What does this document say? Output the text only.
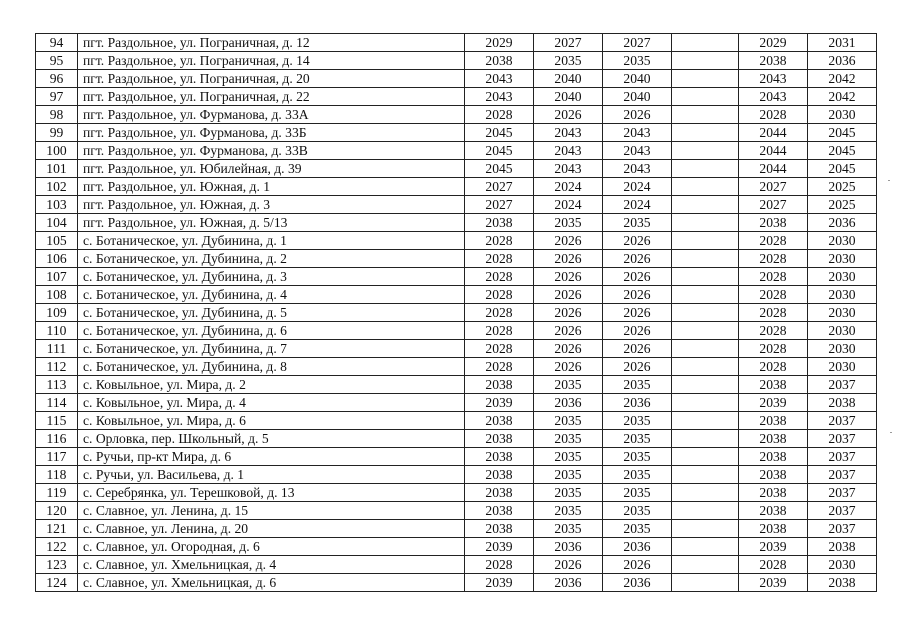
94	пгт. Раздольное, ул. Пограничная, д. 12	2029	2027	2027		2029	2031
95	пгт. Раздольное, ул. Пограничная, д. 14	2038	2035	2035		2038	2036
96	пгт. Раздольное, ул. Пограничная, д. 20	2043	2040	2040		2043	2042
97	пгт. Раздольное, ул. Пограничная, д. 22	2043	2040	2040		2043	2042
98	пгт. Раздольное, ул. Фурманова, д. 33А	2028	2026	2026		2028	2030
99	пгт. Раздольное, ул. Фурманова, д. 33Б	2045	2043	2043		2044	2045
100	пгт. Раздольное, ул. Фурманова, д. 33В	2045	2043	2043		2044	2045
101	пгт. Раздольное, ул. Юбилейная, д. 39	2045	2043	2043		2044	2045
102	пгт. Раздольное, ул. Южная, д. 1	2027	2024	2024		2027	2025
103	пгт. Раздольное, ул. Южная, д. 3	2027	2024	2024		2027	2025
104	пгт. Раздольное, ул. Южная, д. 5/13	2038	2035	2035		2038	2036
105	с. Ботаническое, ул. Дубинина, д. 1	2028	2026	2026		2028	2030
106	с. Ботаническое, ул. Дубинина, д. 2	2028	2026	2026		2028	2030
107	с. Ботаническое, ул. Дубинина, д. 3	2028	2026	2026		2028	2030
108	с. Ботаническое, ул. Дубинина, д. 4	2028	2026	2026		2028	2030
109	с. Ботаническое, ул. Дубинина, д. 5	2028	2026	2026		2028	2030
110	с. Ботаническое, ул. Дубинина, д. 6	2028	2026	2026		2028	2030
111	с. Ботаническое, ул. Дубинина, д. 7	2028	2026	2026		2028	2030
112	с. Ботаническое, ул. Дубинина, д. 8	2028	2026	2026		2028	2030
113	с. Ковыльное, ул. Мира, д. 2	2038	2035	2035		2038	2037
114	с. Ковыльное, ул. Мира, д. 4	2039	2036	2036		2039	2038
115	с. Ковыльное, ул. Мира, д. 6	2038	2035	2035		2038	2037
116	с. Орловка, пер. Школьный, д. 5	2038	2035	2035		2038	2037
117	с. Ручьи, пр-кт Мира, д. 6	2038	2035	2035		2038	2037
118	с. Ручьи, ул. Васильева, д. 1	2038	2035	2035		2038	2037
119	с. Серебрянка, ул. Терешковой, д. 13	2038	2035	2035		2038	2037
120	с. Славное, ул. Ленина, д. 15	2038	2035	2035		2038	2037
121	с. Славное, ул. Ленина, д. 20	2038	2035	2035		2038	2037
122	с. Славное, ул. Огородная, д. 6	2039	2036	2036		2039	2038
123	с. Славное, ул. Хмельницкая, д. 4	2028	2026	2026		2028	2030
124	с. Славное, ул. Хмельницкая, д. 6	2039	2036	2036		2039	2038
